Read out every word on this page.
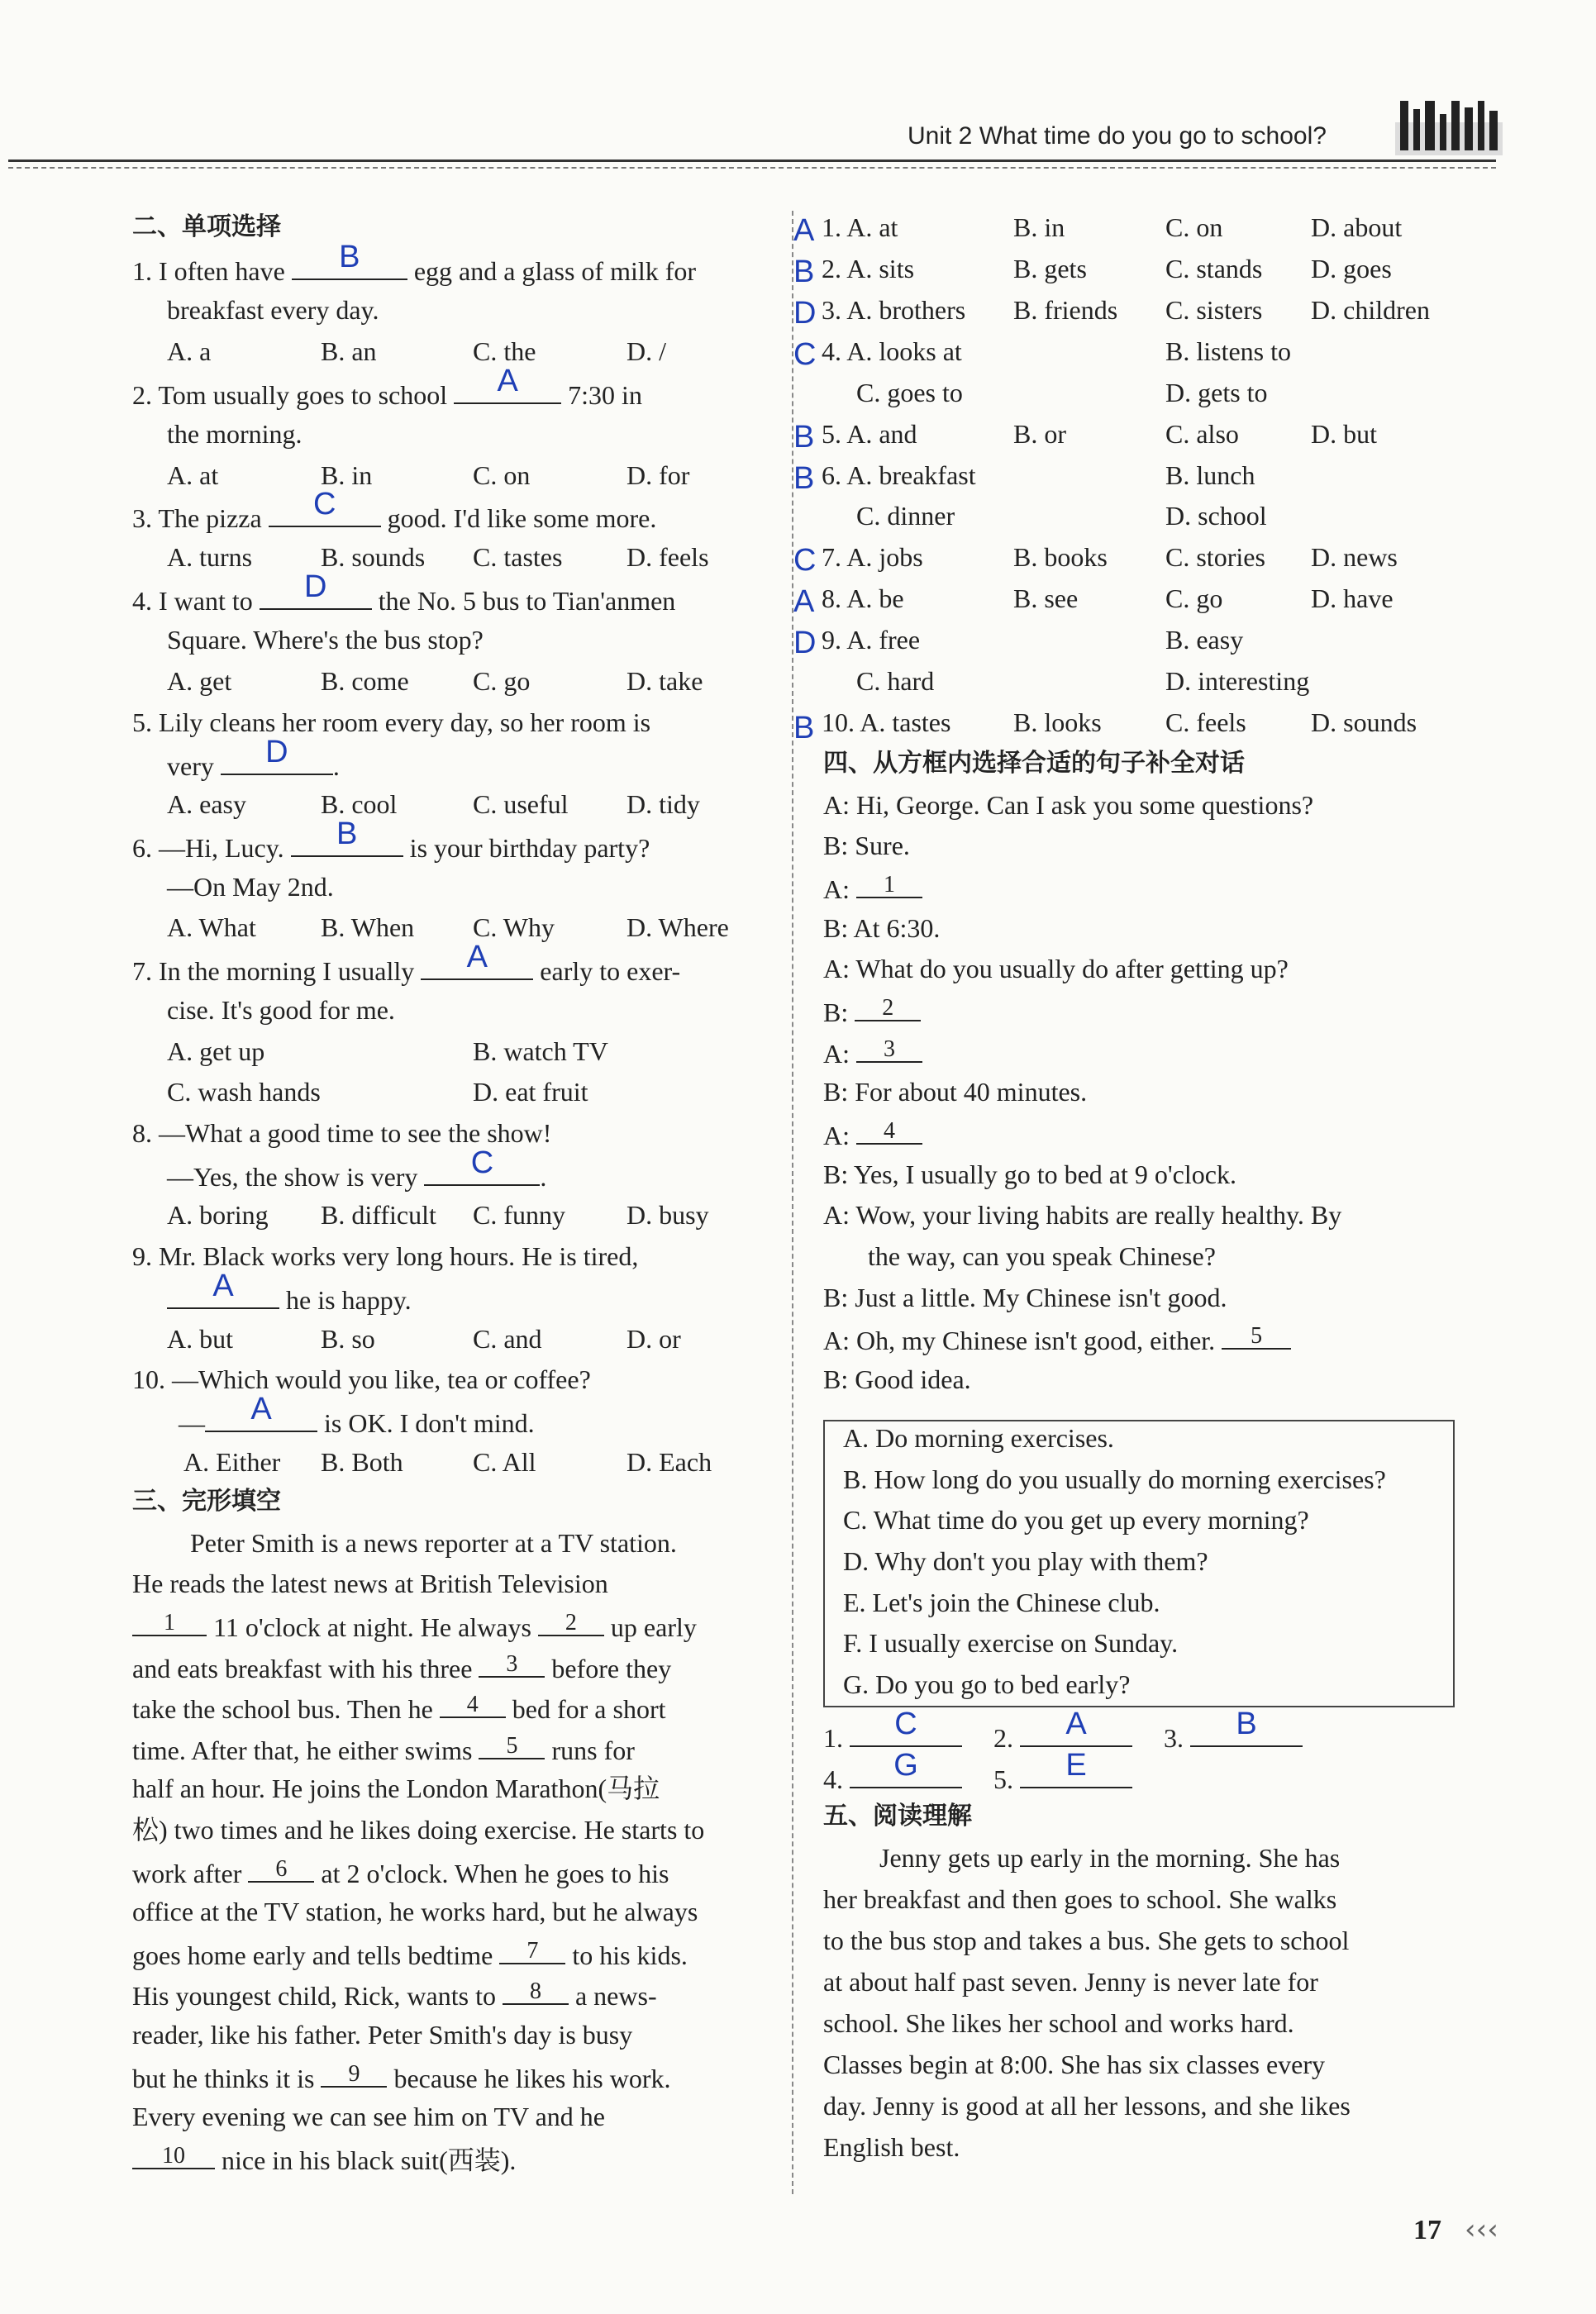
Unit 2 What time do you go to school?
二、单项选择
1. I often have	B	egg and a glass of milk for
breakfast every day.
A. a	B. an	C. the	D. /
2. Tom usually goes to school	A	7:30 in
the morning.
A. at	B. in	C. on	D. for
3. The pizza	C	good. I'd like some more.
A. turns	B. sounds C. tastes D. feels
4. I want to	D	the No. 5 bus to Tian'anmen
Square. Where's the bus stop?
A. get	B. come C. go	D. take
5. Lily cleans her room every day, so her room is
very	D	.
A. easy	B. cool	C. useful D. tidy
6. —Hi, Lucy.	B	is your birthday party?
—On May 2nd.
A. What B. When C. Why	D. Where
7. In the morning I usually	A	early to exer-
cise. It's good for me.
A. get up	B. watch TV
C. wash hands	D. eat fruit
8. —What a good time to see the show!
—Yes, the show is very	C	.
A. boring B. difficult C. funny D. busy
9. Mr. Black works very long hours. He is tired,
A	he is happy.
A. but	B. so	C. and	D. or
10. —Which would you like, tea or coffee?
—	A	is OK. I don't mind.
A. Either B. Both	C. All	D. Each
三、完形填空
Peter Smith is a news reporter at a TV station.
He reads the latest news at British Television
1	11 o'clock at night. He always	2	up early
and eats breakfast with his three	3	before they
take the school bus. Then he	4	bed for a short
time. After that, he either swims	5	runs for
half an hour. He joins the London Marathon(马拉
松) two times and he likes doing exercise. He starts to
work after	6	at 2 o'clock. When he goes to his
office at the TV station, he works hard, but he always
goes home early and tells bedtime	7	to his kids.
His youngest child, Rick, wants to	8	a news-
reader, like his father. Peter Smith's day is busy
but he thinks it is	9	because he likes his work.
Every evening we can see him on TV and he
10	nice in his black suit(西装).
A 1. A. at	B. in	C. on	D. about
B 2. A. sits	B. gets	C. stands D. goes
D 3. A. brothers B. friends C. sisters D. children
C 4. A. looks at	B. listens to
C. goes to	D. gets to
B 5. A. and	B. or	C. also	D. but
B 6. A. breakfast	B. lunch
C. dinner	D. school
C 7. A. jobs	B. books C. stories D. news
A 8. A. be	B. see	C. go	D. have
D 9. A. free	B. easy
C. hard	D. interesting
B 10. A. tastes B. looks C. feels D. sounds
四、从方框内选择合适的句子补全对话
A: Hi, George. Can I ask you some questions?
B: Sure.
A:	1
B: At 6:30.
A: What do you usually do after getting up?
B:	2
A:	3
B: For about 40 minutes.
A:	4
B: Yes, I usually go to bed at 9 o'clock.
A: Wow, your living habits are really healthy. By
the way, can you speak Chinese?
B: Just a little. My Chinese isn't good.
A: Oh, my Chinese isn't good, either.	5
B: Good idea.
A. Do morning exercises.
B. How long do you usually do morning exercises?
C. What time do you get up every morning?
D. Why don't you play with them?
E. Let's join the Chinese club.
F. I usually exercise on Sunday.
G. Do you go to bed early?
1.	C	2.	A	3.	B
4.	G	5.	E
五、阅读理解
Jenny gets up early in the morning. She has
her breakfast and then goes to school. She walks
to the bus stop and takes a bus. She gets to school
at about half past seven. Jenny is never late for
school. She likes her school and works hard.
Classes begin at 8:00. She has six classes every
day. Jenny is good at all her lessons, and she likes
English best.
17 ‹‹‹
